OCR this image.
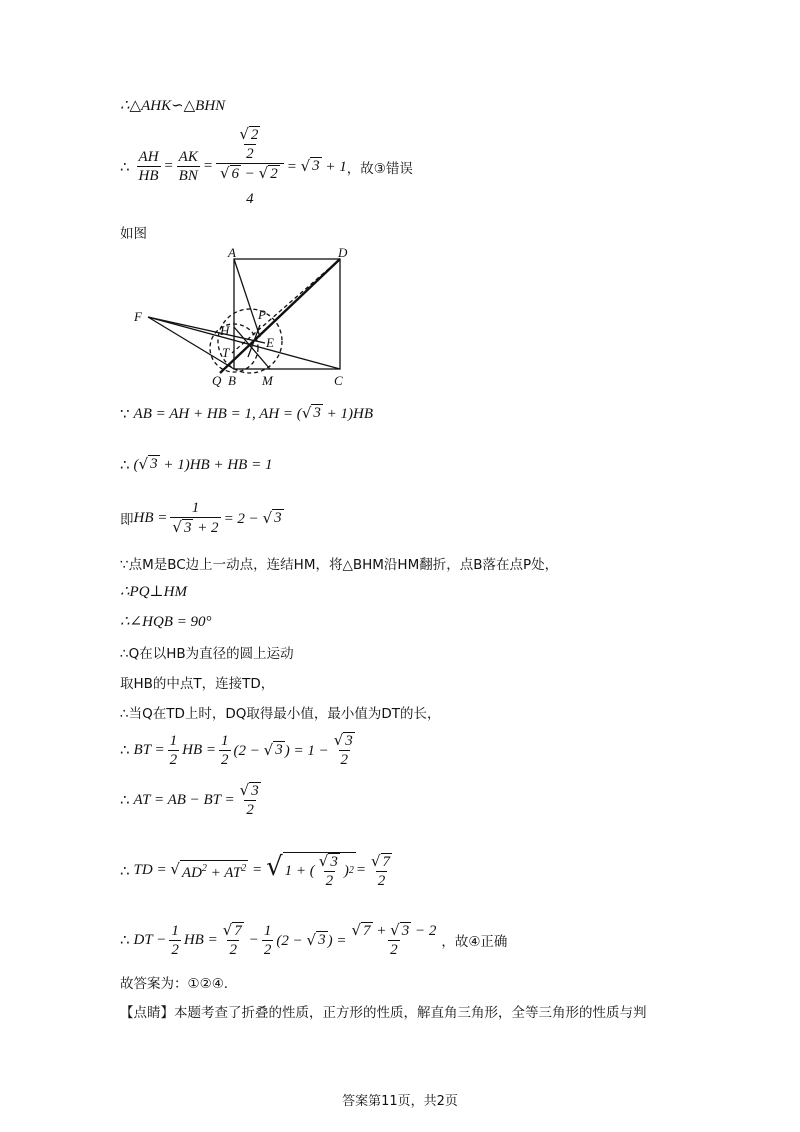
∴△AHK∽△BHN
∴ $\frac{AH}{HB} = \frac{AK}{BN} = \frac{√ 2}{2}$
√ 6 − √ 2
4 = √ 3 + 1 ，故③错误
如图
A	D
F
H
P
T
E
Q B M	C
∵ AB = AH + HB = 1, AH = ( √ 3 + 1)HB
∴ ( √ 3 + 1)HB + HB = 1
即 HB = $\frac{1}{√ 3 + 2} = 2$ − √ 3
∵点M是BC边上一动点，连结HM，将△BHM沿HM翻折，点B落在点P处，
∴PQ⊥HM
∴∠HQB = 90°
∴Q在以HB为直径的圆上运动
取HB的中点T，连接TD，
∴当Q在TD上时，DQ取得最小值，最小值为DT的长，
∴ BT = $\frac{1}{2}$ HB = $\frac{1}{2} (2$ − √ 3 ) = $1 - \frac{√ 3}{2}$
∴ AT = AB − BT = $\frac{√ 3}{2}$
∴ TD = √ $AD^2 + AT^2$ = √ 1 + ( $\frac{√ 3}{2}$ ) $2 = \frac{√ 7}{2}$
∴ DT − $\frac{1}{2}$ HB = $\frac{√ 7}{2} - \frac{1}{2} (2$ − √ 3 ) = $\frac{√ 7 + √ 3 - 2}{2}$ ，故④正确
故答案为：①②④.
【点睛】本题考查了折叠的性质，正方形的性质，解直角三角形，全等三角形的性质与判
答案第11页，共2页
